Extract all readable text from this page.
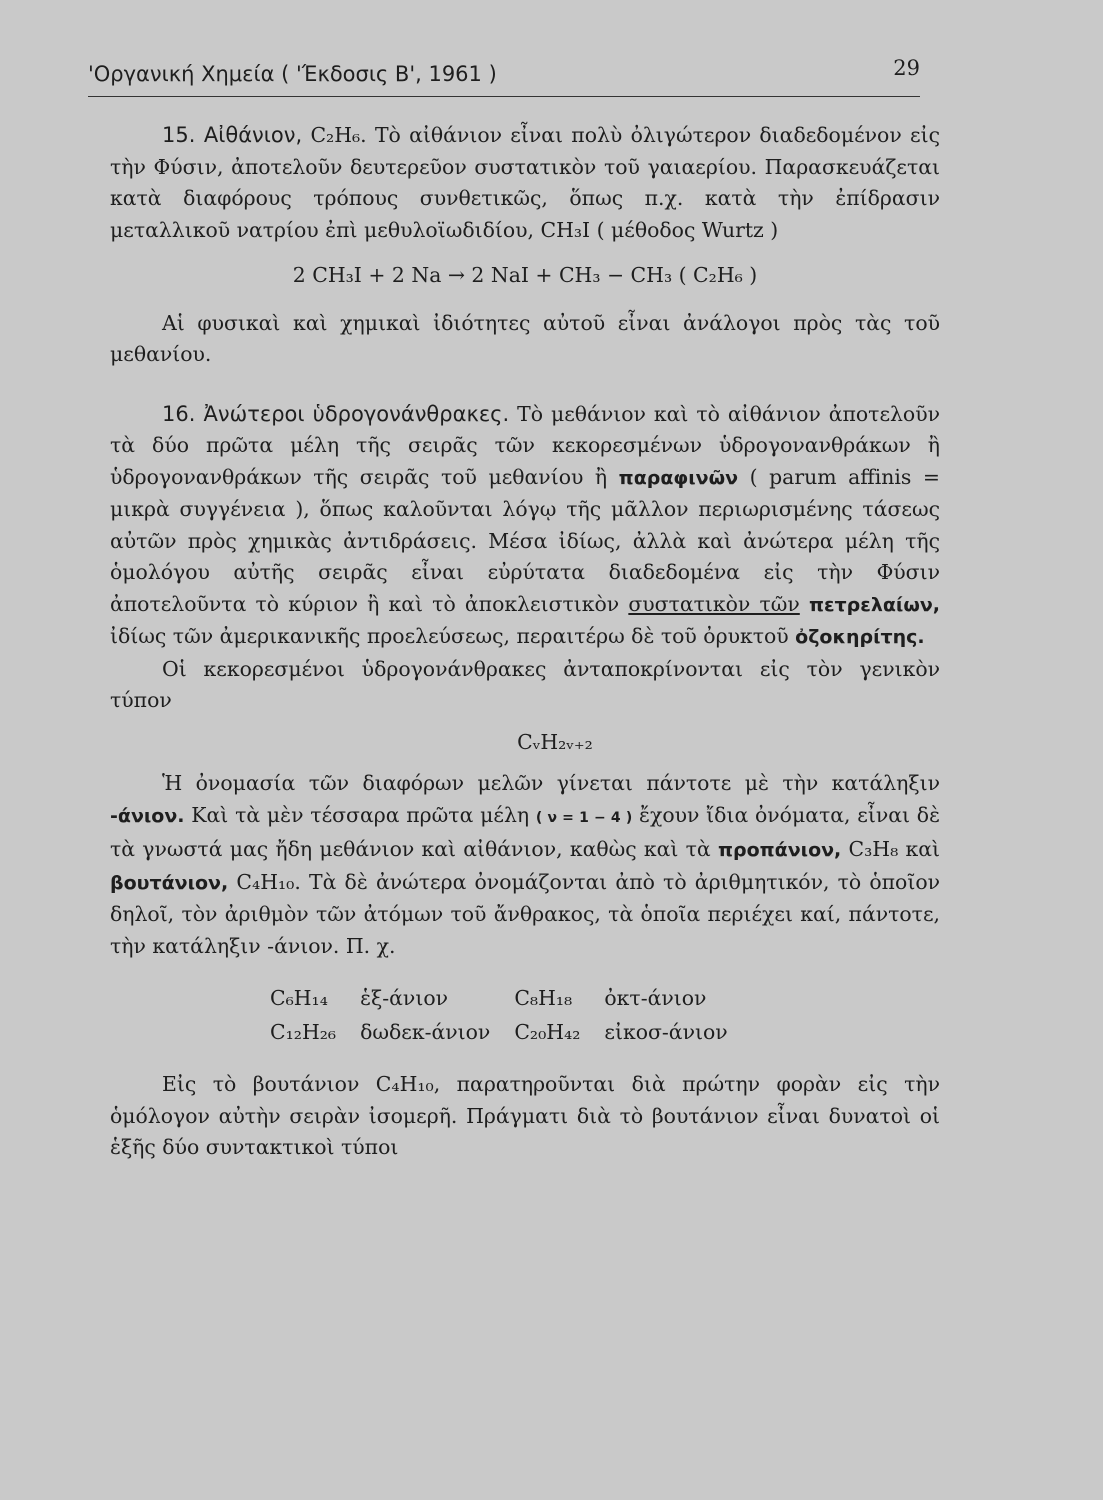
'Οργανική Χημεία ( 'Έκδοσις Β', 1961 )	29

15. Αἰθάνιον, C₂H₆. Τὸ αἰθάνιον εἶναι πολὺ ὀλιγώτερον διαδεδομένον εἰς τὴν Φύσιν, ἀποτελοῦν δευτερεῦον συστατικὸν τοῦ γαιαερίου. Παρασκευάζεται κατὰ διαφόρους τρόπους συνθετικῶς, ὅπως π.χ. κατὰ τὴν ἐπίδρασιν μεταλλικοῦ νατρίου ἐπὶ μεθυλοϊωδιδίου, CH₃I ( μέθοδος Wurtz )

2 CH₃I + 2 Na → 2 NaI + CH₃ − CH₃ ( C₂H₆ )

Αἱ φυσικαὶ καὶ χημικαὶ ἰδιότητες αὐτοῦ εἶναι ἀνάλογοι πρὸς τὰς τοῦ μεθανίου.

16. Ἀνώτεροι ὑδρογονάνθρακες. Τὸ μεθάνιον καὶ τὸ αἰθάνιον ἀποτελοῦν τὰ δύο πρῶτα μέλη τῆς σειρᾶς τῶν κεκορεσμένων ὑδρογονανθράκων ἢ ὑδρογονανθράκων τῆς σειρᾶς τοῦ μεθανίου ἢ παραφινῶν ( parum affinis = μικρὰ συγγένεια ), ὅπως καλοῦνται λόγῳ τῆς μᾶλλον περιωρισμένης τάσεως αὐτῶν πρὸς χημικὰς ἀντιδράσεις. Μέσα ἰδίως, ἀλλὰ καὶ ἀνώτερα μέλη τῆς ὁμολόγου αὐτῆς σειρᾶς εἶναι εὐρύτατα διαδεδομένα εἰς τὴν Φύσιν ἀποτελοῦντα τὸ κύριον ἢ καὶ τὸ ἀποκλειστικὸν συστατικὸν τῶν πετρελαίων, ἰδίως τῶν ἀμερικανικῆς προελεύσεως, περαιτέρω δὲ τοῦ ὀρυκτοῦ ὀζοκηρίτης.

Οἱ κεκορεσμένοι ὑδρογονάνθρακες ἀνταποκρίνονται εἰς τὸν γενικὸν τύπον

CᵥH₂ᵥ₊₂

Ἡ ὀνομασία τῶν διαφόρων μελῶν γίνεται πάντοτε μὲ τὴν κατάληξιν -άνιον. Καὶ τὰ μὲν τέσσαρα πρῶτα μέλη ( ν = 1 − 4 ) ἔχουν ἴδια ὀνόματα, εἶναι δὲ τὰ γνωστά μας ἤδη μεθάνιον καὶ αἰθάνιον, καθὼς καὶ τὰ προπάνιον, C₃H₈ καὶ βουτάνιον, C₄H₁₀. Τὰ δὲ ἀνώτερα ὀνομάζονται ἀπὸ τὸ ἀριθμητικόν, τὸ ὁποῖον δηλοῖ, τὸν ἀριθμὸν τῶν ἀτόμων τοῦ ἄνθρακος, τὰ ὁποῖα περιέχει καί, πάντοτε, τὴν κατάληξιν -άνιον. Π. χ.

C₆H₁₄	ἑξ-άνιον	C₈H₁₈	ὀκτ-άνιον
C₁₂H₂₆	δωδεκ-άνιον	C₂₀H₄₂	εἰκοσ-άνιον

Εἰς τὸ βουτάνιον C₄H₁₀, παρατηροῦνται διὰ πρώτην φορὰν εἰς τὴν ὁμόλογον αὐτὴν σειρὰν ἰσομερῆ. Πράγματι διὰ τὸ βουτάνιον εἶναι δυνατοὶ οἱ ἑξῆς δύο συντακτικοὶ τύποι
